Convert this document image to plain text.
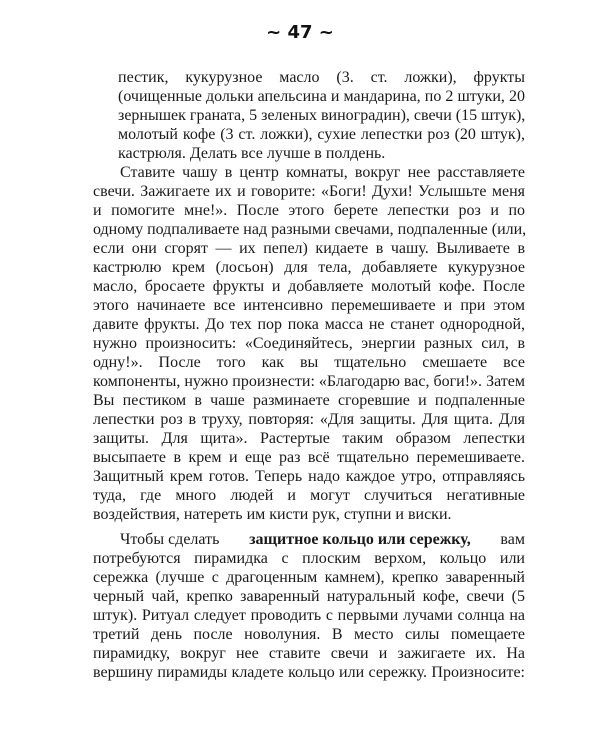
~ 47 ~
пестик, кукурузное масло (3. ст. ложки), фрукты
(очищенные дольки апельсина и мандарина, по 2 штуки, 20
зернышек граната, 5 зеленых виноградин), свечи (15 штук),
молотый кофе (3 ст. ложки), сухие лепестки роз (20 штук),
кастрюля. Делать все лучше в полдень.
Ставите чашу в центр комнаты, вокруг нее расставляете
свечи. Зажигаете их и говорите: «Боги! Духи! Услышьте меня
и помогите мне!». После этого берете лепестки роз и по
одному подпаливаете над разными свечами, подпаленные (или,
если они сгорят — их пепел) кидаете в чашу. Выливаете в
кастрюлю крем (лосьон) для тела, добавляете кукурузное
масло, бросаете фрукты и добавляете молотый кофе. После
этого начинаете все интенсивно перемешиваете и при этом
давите фрукты. До тех пор пока масса не станет однородной,
нужно произносить: «Соединяйтесь, энергии разных сил, в
одну!». После того как вы тщательно смешаете все
компоненты, нужно произнести: «Благодарю вас, боги!». Затем
Вы пестиком в чаше разминаете сгоревшие и подпаленные
лепестки роз в труху, повторяя: «Для защиты. Для щита. Для
защиты. Для щита». Растертые таким образом лепестки
высыпаете в крем и еще раз всё тщательно перемешиваете.
Защитный крем готов. Теперь надо каждое утро, отправляясь
туда, где много людей и могут случиться негативные
воздействия, натереть им кисти рук, ступни и виски.
Чтобы сделать защитное кольцо или сережку, вам
потребуются пирамидка с плоским верхом, кольцо или
сережка (лучше с драгоценным камнем), крепко заваренный
черный чай, крепко заваренный натуральный кофе, свечи (5
штук). Ритуал следует проводить с первыми лучами солнца на
третий день после новолуния. В место силы помещаете
пирамидку, вокруг нее ставите свечи и зажигаете их. На
вершину пирамиды кладете кольцо или сережку. Произносите:
